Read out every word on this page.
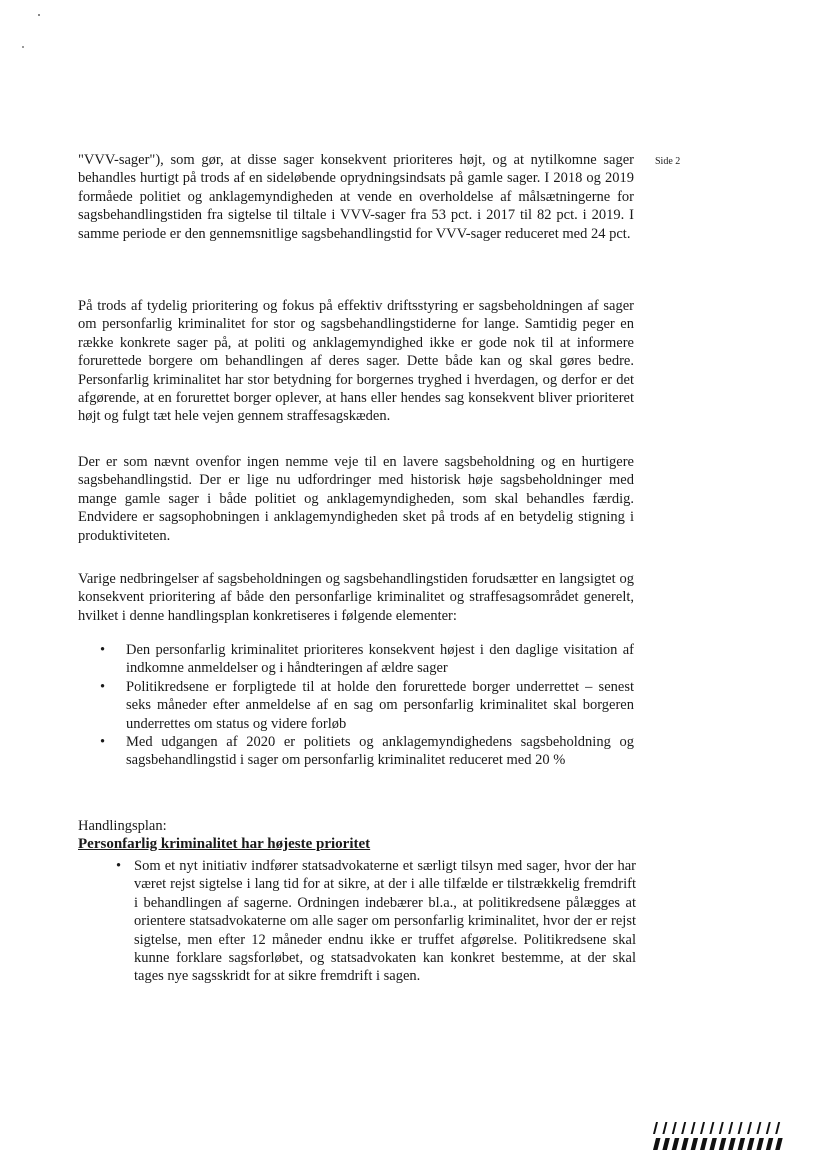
Side 2
"VVV-sager"), som gør, at disse sager konsekvent prioriteres højt, og at nytilkomne sager behandles hurtigt på trods af en sideløbende oprydningsindsats på gamle sager. I 2018 og 2019 formåede politiet og anklagemyndigheden at vende en overholdelse af målsætningerne for sagsbehandlingstiden fra sigtelse til tiltale i VVV-sager fra 53 pct. i 2017 til 82 pct. i 2019. I samme periode er den gennemsnitlige sagsbehandlingstid for VVV-sager reduceret med 24 pct.
På trods af tydelig prioritering og fokus på effektiv driftsstyring er sagsbeholdningen af sager om personfarlig kriminalitet for stor og sagsbehandlingstiderne for lange. Samtidig peger en række konkrete sager på, at politi og anklagemyndighed ikke er gode nok til at informere forurettede borgere om behandlingen af deres sager. Dette både kan og skal gøres bedre. Personfarlig kriminalitet har stor betydning for borgernes tryghed i hverdagen, og derfor er det afgørende, at en forurettet borger oplever, at hans eller hendes sag konsekvent bliver prioriteret højt og fulgt tæt hele vejen gennem straffesagskæden.
Der er som nævnt ovenfor ingen nemme veje til en lavere sagsbeholdning og en hurtigere sagsbehandlingstid. Der er lige nu udfordringer med historisk høje sagsbeholdninger med mange gamle sager i både politiet og anklagemyndigheden, som skal behandles færdig. Endvidere er sagsophobningen i anklagemyndigheden sket på trods af en betydelig stigning i produktiviteten.
Varige nedbringelser af sagsbeholdningen og sagsbehandlingstiden forudsætter en langsigtet og konsekvent prioritering af både den personfarlige kriminalitet og straffesagsområdet generelt, hvilket i denne handlingsplan konkretiseres i følgende elementer:
•	Den personfarlig kriminalitet prioriteres konsekvent højest i den daglige visitation af indkomne anmeldelser og i håndteringen af ældre sager
•	Politikredsene er forpligtede til at holde den forurettede borger underrettet – senest seks måneder efter anmeldelse af en sag om personfarlig kriminalitet skal borgeren underrettes om status og videre forløb
•	Med udgangen af 2020 er politiets og anklagemyndighedens sagsbeholdning og sagsbehandlingstid i sager om personfarlig kriminalitet reduceret med 20 %
Handlingsplan:
Personfarlig kriminalitet har højeste prioritet
• Som et nyt initiativ indfører statsadvokaterne et særligt tilsyn med sager, hvor der har været rejst sigtelse i lang tid for at sikre, at der i alle tilfælde er tilstrækkelig fremdrift i behandlingen af sagerne. Ordningen indebærer bl.a., at politikredsene pålægges at orientere statsadvokaterne om alle sager om personfarlig kriminalitet, hvor der er rejst sigtelse, men efter 12 måneder endnu ikke er truffet afgørelse. Politikredsene skal kunne forklare sagsforløbet, og statsadvokaten kan konkret bestemme, at der skal tages nye sagsskridt for at sikre fremdrift i sagen.
